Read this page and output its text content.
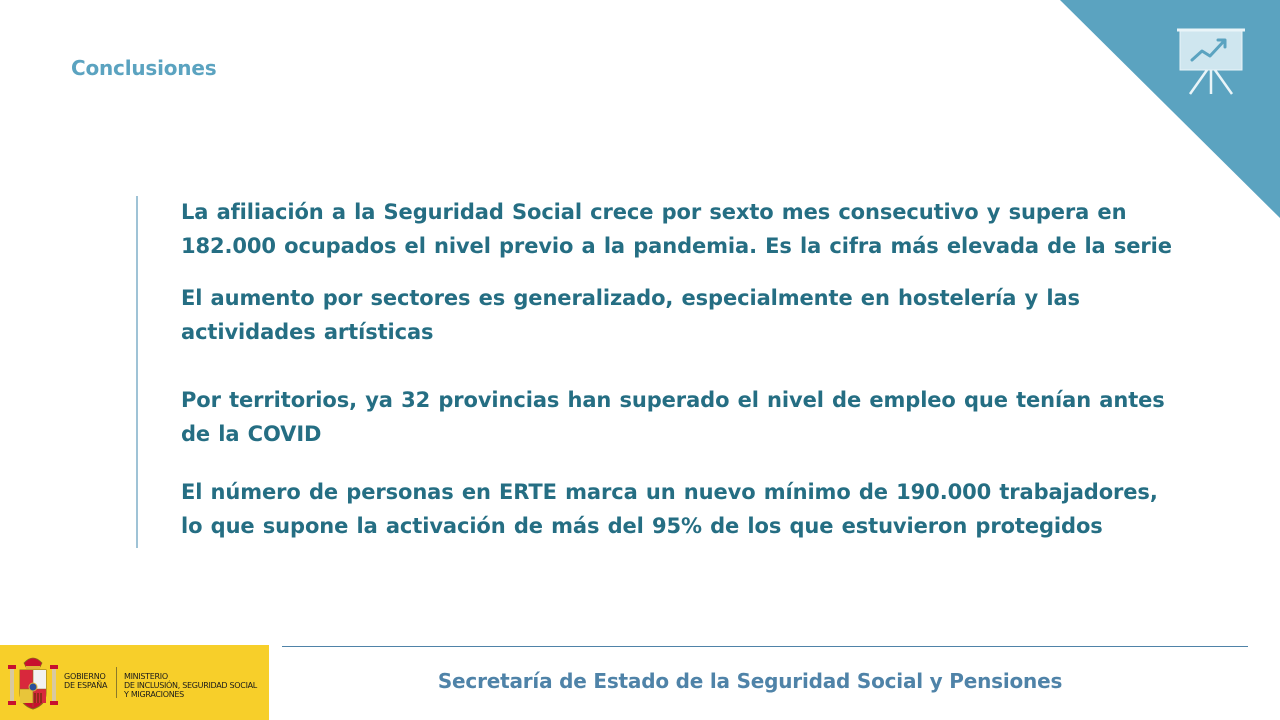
Conclusiones

La afiliación a la Seguridad Social crece por sexto mes consecutivo y supera en 182.000 ocupados el nivel previo a la pandemia. Es la cifra más elevada de la serie

El aumento por sectores es generalizado, especialmente en hostelería y las actividades artísticas

Por territorios, ya 32 provincias han superado el nivel de empleo que tenían antes de la COVID

El número de personas en ERTE marca un nuevo mínimo de 190.000 trabajadores, lo que supone la activación de más del 95% de los que estuvieron protegidos

GOBIERNO
DE ESPAÑA
MINISTERIO
DE INCLUSIÓN, SEGURIDAD SOCIAL
Y MIGRACIONES
Secretaría de Estado de la Seguridad Social y Pensiones
